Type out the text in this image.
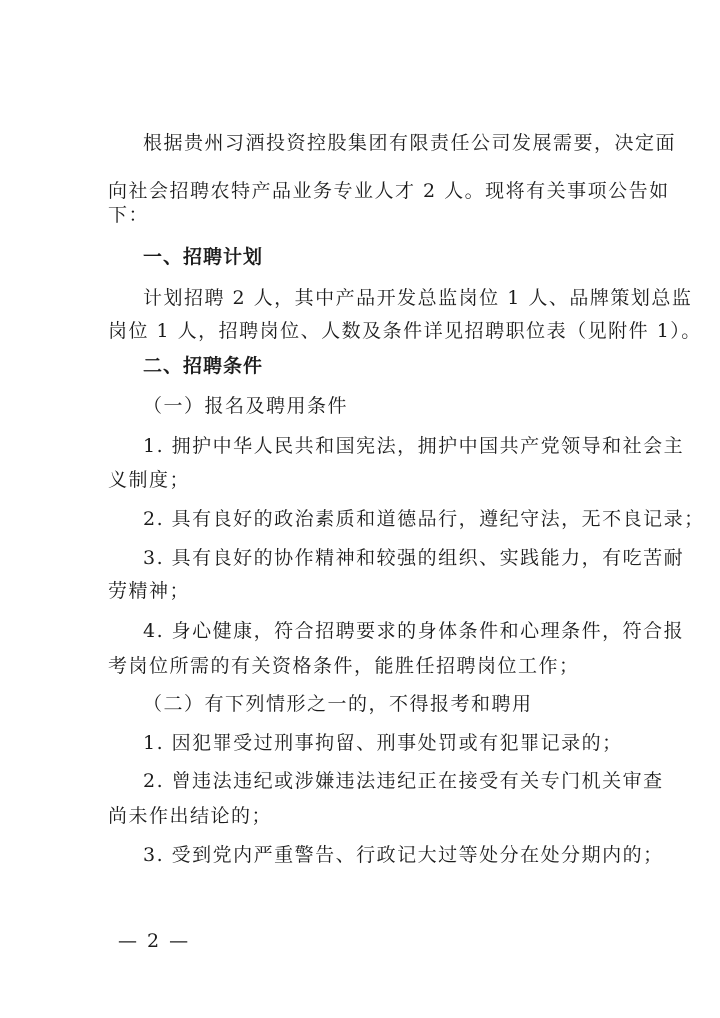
根据贵州习酒投资控股集团有限责任公司发展需要，决定面
向社会招聘农特产品业务专业人才 2 人。现将有关事项公告如
下：
一、招聘计划
计划招聘 2 人，其中产品开发总监岗位 1 人、品牌策划总监
岗位 1 人，招聘岗位、人数及条件详见招聘职位表（见附件 1）。
二、招聘条件
（一）报名及聘用条件
1. 拥护中华人民共和国宪法，拥护中国共产党领导和社会主
义制度；
2. 具有良好的政治素质和道德品行，遵纪守法，无不良记录；
3. 具有良好的协作精神和较强的组织、实践能力，有吃苦耐
劳精神；
4. 身心健康，符合招聘要求的身体条件和心理条件，符合报
考岗位所需的有关资格条件，能胜任招聘岗位工作；
（二）有下列情形之一的，不得报考和聘用
1. 因犯罪受过刑事拘留、刑事处罚或有犯罪记录的；
2. 曾违法违纪或涉嫌违法违纪正在接受有关专门机关审查
尚未作出结论的；
3. 受到党内严重警告、行政记大过等处分在处分期内的；
— 2 —
